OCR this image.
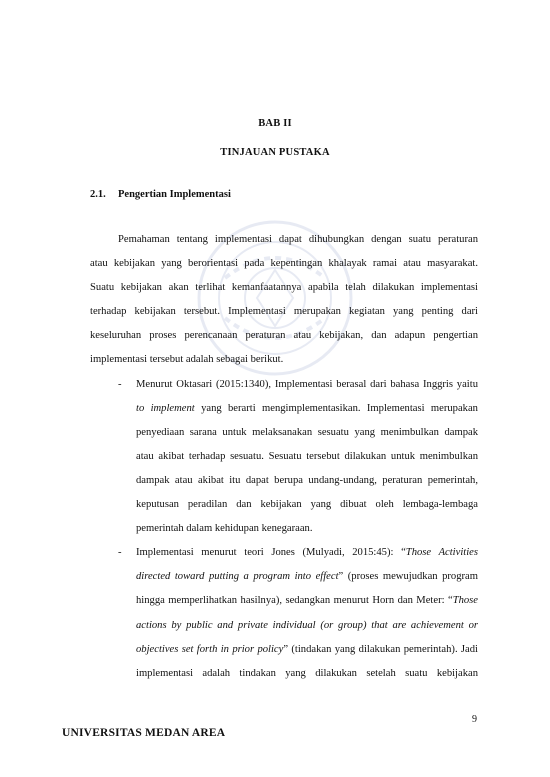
BAB II
TINJAUAN PUSTAKA
2.1. Pengertian Implementasi
Pemahaman tentang implementasi dapat dihubungkan dengan suatu peraturan
atau kebijakan yang berorientasi pada kepentingan khalayak ramai atau masyarakat.
Suatu kebijakan akan terlihat kemanfaatannya apabila telah dilakukan implementasi
terhadap kebijakan tersebut. Implementasi merupakan kegiatan yang penting dari
keseluruhan proses perencanaan peraturan atau kebijakan, dan adapun pengertian
implementasi tersebut adalah sebagai berikut.
- Menurut Oktasari (2015:1340), Implementasi berasal dari bahasa Inggris yaitu
to implement yang berarti mengimplementasikan. Implementasi merupakan
penyediaan sarana untuk melaksanakan sesuatu yang menimbulkan dampak
atau akibat terhadap sesuatu. Sesuatu tersebut dilakukan untuk menimbulkan
dampak atau akibat itu dapat berupa undang-undang, peraturan pemerintah,
keputusan peradilan dan kebijakan yang dibuat oleh lembaga-lembaga
pemerintah dalam kehidupan kenegaraan.
- Implementasi menurut teori Jones (Mulyadi, 2015:45): “Those Activities
directed toward putting a program into effect” (proses mewujudkan program
hingga memperlihatkan hasilnya), sedangkan menurut Horn dan Meter: “Those
actions by public and private individual (or group) that are achievement or
objectives set forth in prior policy” (tindakan yang dilakukan pemerintah). Jadi
implementasi adalah tindakan yang dilakukan setelah suatu kebijakan
9
UNIVERSITAS MEDAN AREA
